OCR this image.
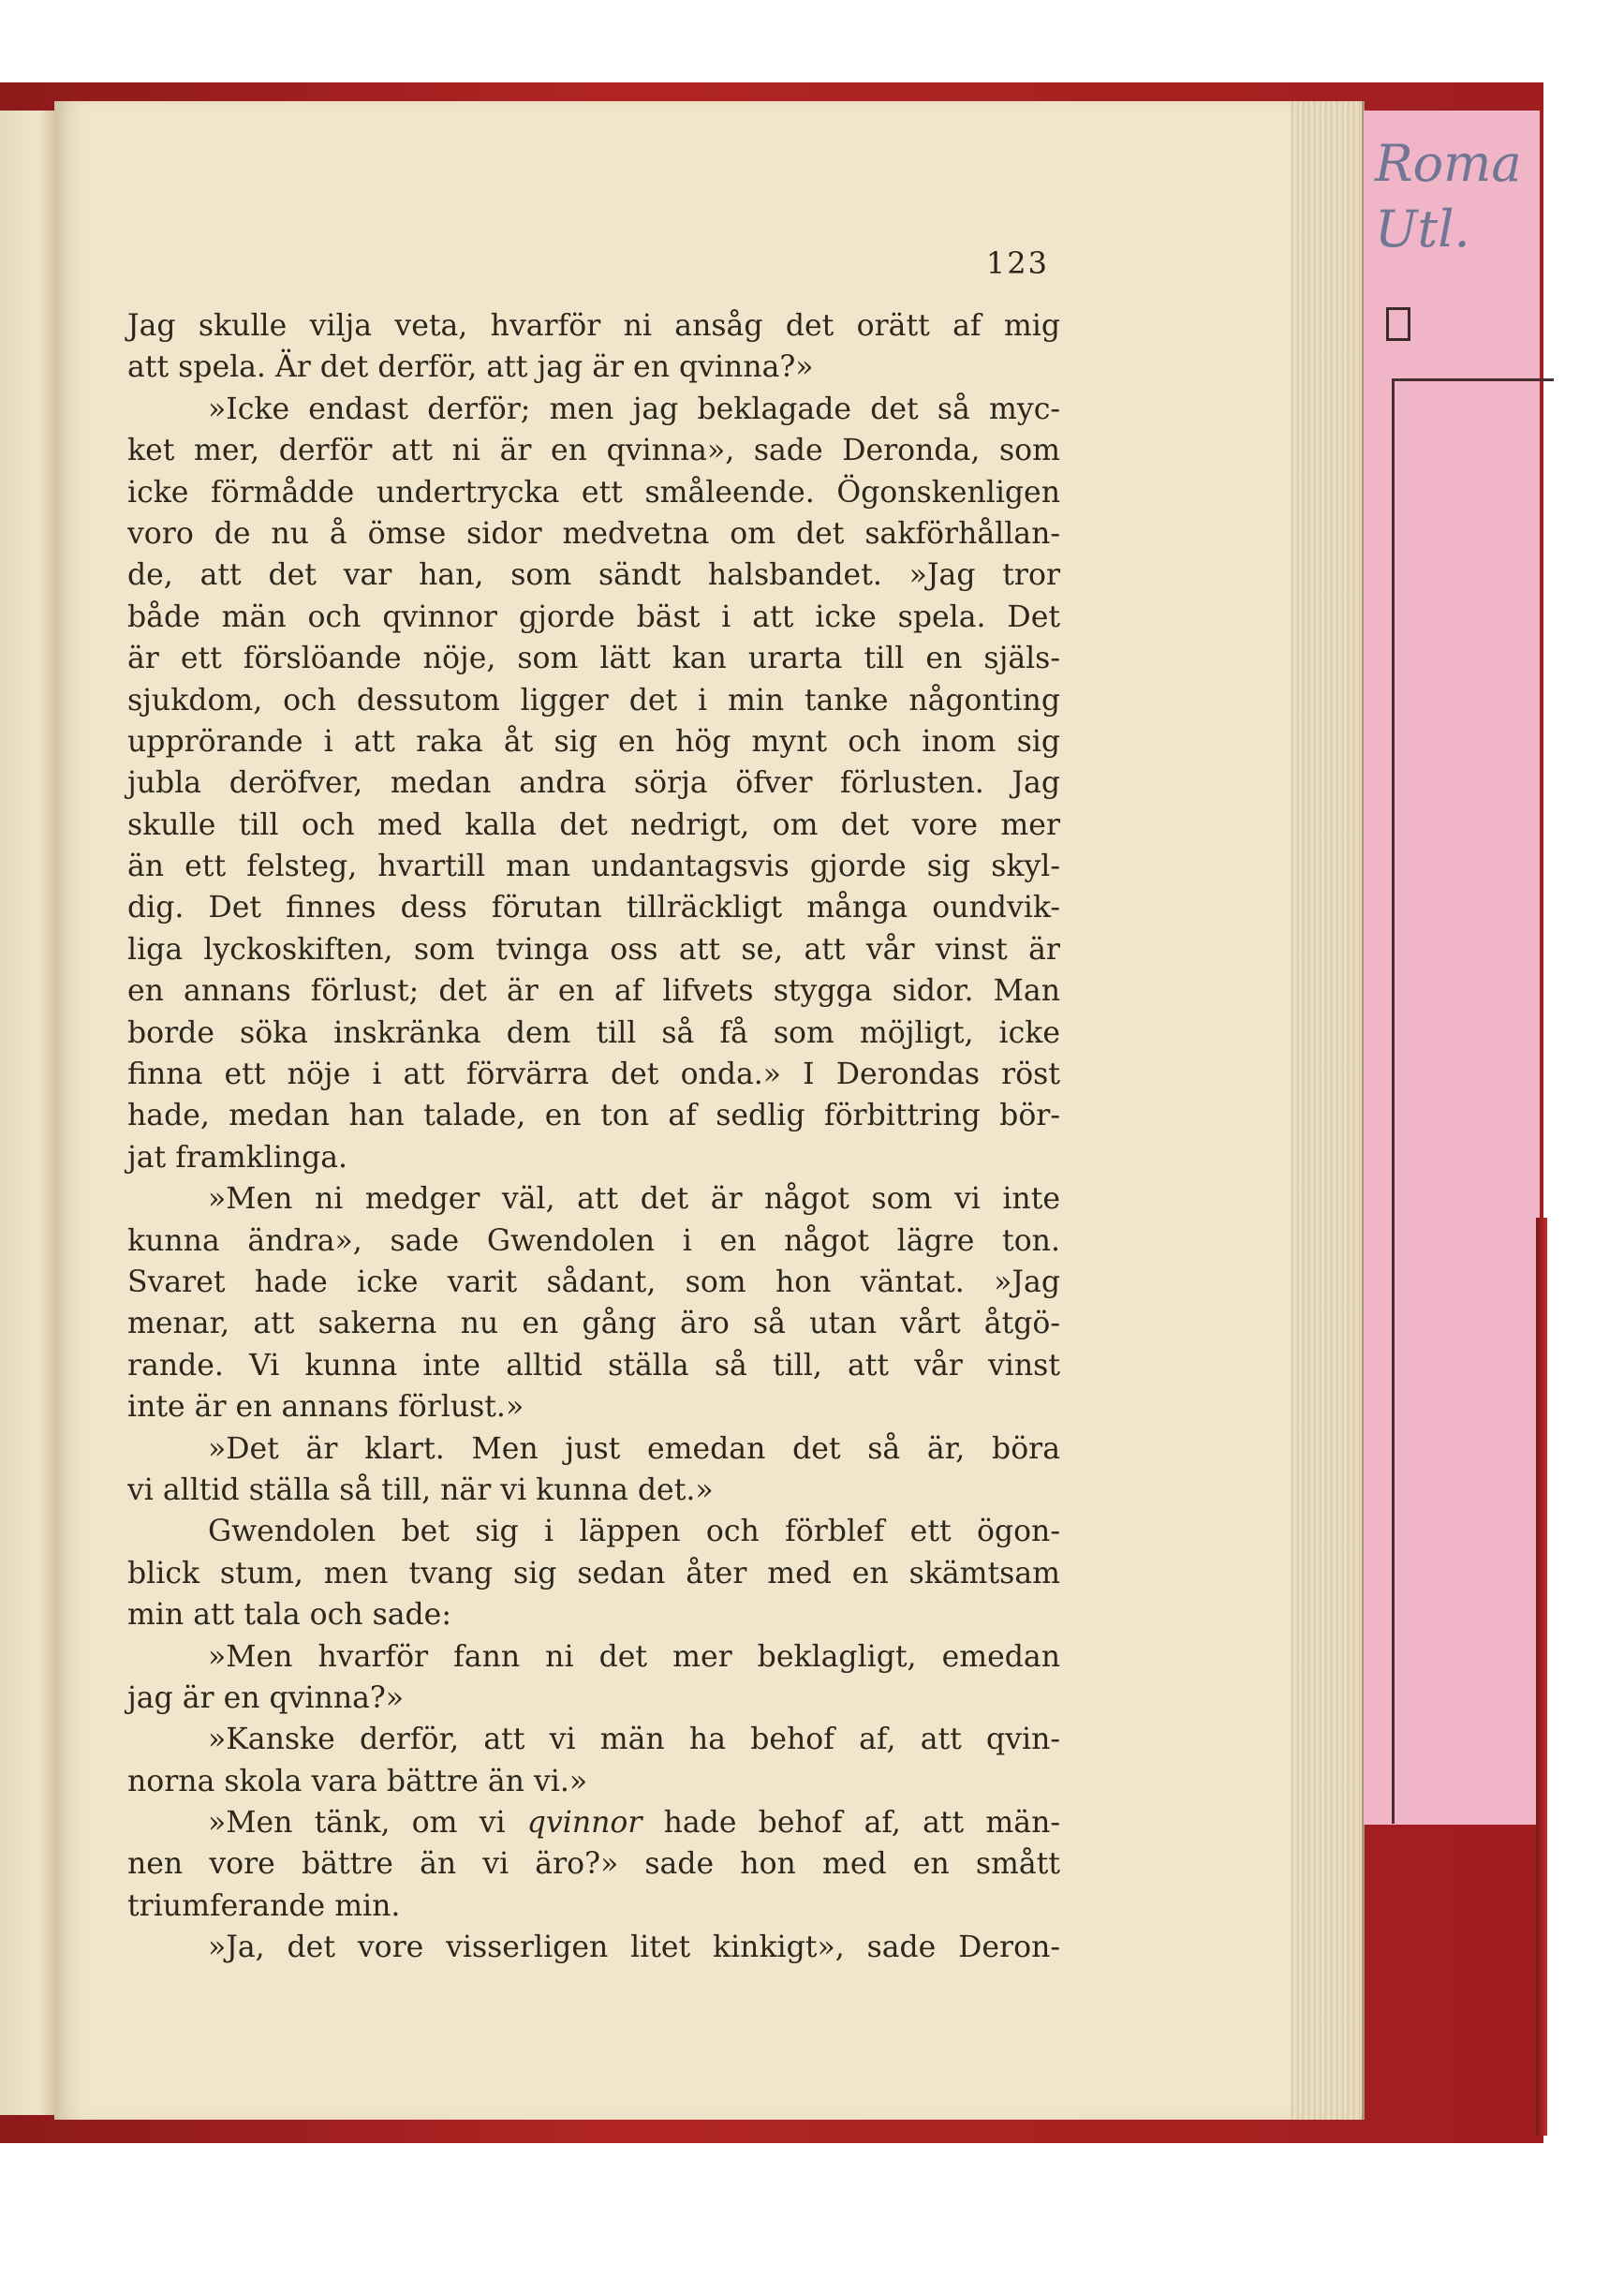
Roma
Utl.
123
Jag skulle vilja veta, hvarför ni ansåg det orätt af mig
att spela. Är det derför, att jag är en qvinna?»
»Icke endast derför; men jag beklagade det så myc-
ket mer, derför att ni är en qvinna», sade Deronda, som
icke förmådde undertrycka ett småleende. Ögonskenligen
voro de nu å ömse sidor medvetna om det sakförhållan-
de, att det var han, som sändt halsbandet. »Jag tror
både män och qvinnor gjorde bäst i att icke spela. Det
är ett förslöande nöje, som lätt kan urarta till en själs-
sjukdom, och dessutom ligger det i min tanke någonting
upprörande i att raka åt sig en hög mynt och inom sig
jubla deröfver, medan andra sörja öfver förlusten. Jag
skulle till och med kalla det nedrigt, om det vore mer
än ett felsteg, hvartill man undantagsvis gjorde sig skyl-
dig. Det finnes dess förutan tillräckligt många oundvik-
liga lyckoskiften, som tvinga oss att se, att vår vinst är
en annans förlust; det är en af lifvets stygga sidor. Man
borde söka inskränka dem till så få som möjligt, icke
finna ett nöje i att förvärra det onda.» I Derondas röst
hade, medan han talade, en ton af sedlig förbittring bör-
jat framklinga.
»Men ni medger väl, att det är något som vi inte
kunna ändra», sade Gwendolen i en något lägre ton.
Svaret hade icke varit sådant, som hon väntat. »Jag
menar, att sakerna nu en gång äro så utan vårt åtgö-
rande. Vi kunna inte alltid ställa så till, att vår vinst
inte är en annans förlust.»
»Det är klart. Men just emedan det så är, böra
vi alltid ställa så till, när vi kunna det.»
Gwendolen bet sig i läppen och förblef ett ögon-
blick stum, men tvang sig sedan åter med en skämtsam
min att tala och sade:
»Men hvarför fann ni det mer beklagligt, emedan
jag är en qvinna?»
»Kanske derför, att vi män ha behof af, att qvin-
norna skola vara bättre än vi.»
»Men tänk, om vi qvinnor hade behof af, att män-
nen vore bättre än vi äro?» sade hon med en smått
triumferande min.
»Ja, det vore visserligen litet kinkigt», sade Deron-
